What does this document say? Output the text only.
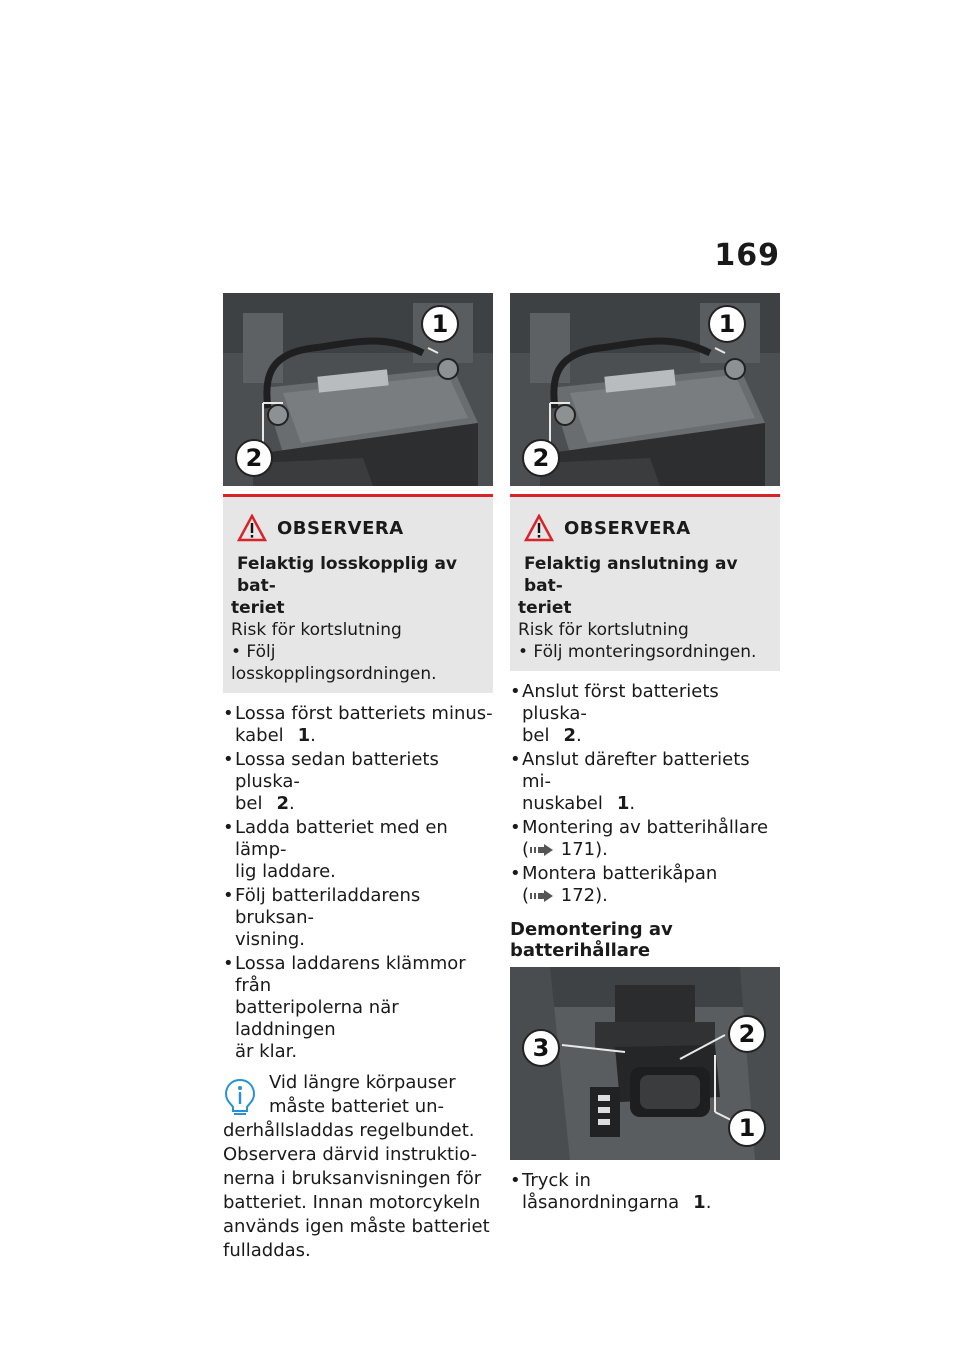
169
1
2
OBSERVERA
Felaktig losskopplig av bat-
teriet
Risk för kortslutning
• Följ losskopplingsordningen.
• Lossa först batteriets minus-
kabel 1.
• Lossa sedan batteriets pluska-
bel 2.
• Ladda batteriet med en lämp-
lig laddare.
• Följ batteriladdarens bruksan-
visning.
• Lossa laddarens klämmor från
batteripolerna när laddningen
är klar.
Vid längre körpauser
måste batteriet un-
derhållsladdas regelbundet.
Observera därvid instruktio-
nerna i bruksanvisningen för
batteriet. Innan motorcykeln
används igen måste batteriet
fulladdas.
1
2
OBSERVERA
Felaktig anslutning av bat-
teriet
Risk för kortslutning
• Följ monteringsordningen.
• Anslut först batteriets pluska-
bel 2.
• Anslut därefter batteriets mi-
nuskabel 1.
• Montering av batterihållare
( 171).
• Montera batterikåpan
( 172).
Demontering av batterihållare
3	2
1
• Tryck in låsanordningarna 1.
